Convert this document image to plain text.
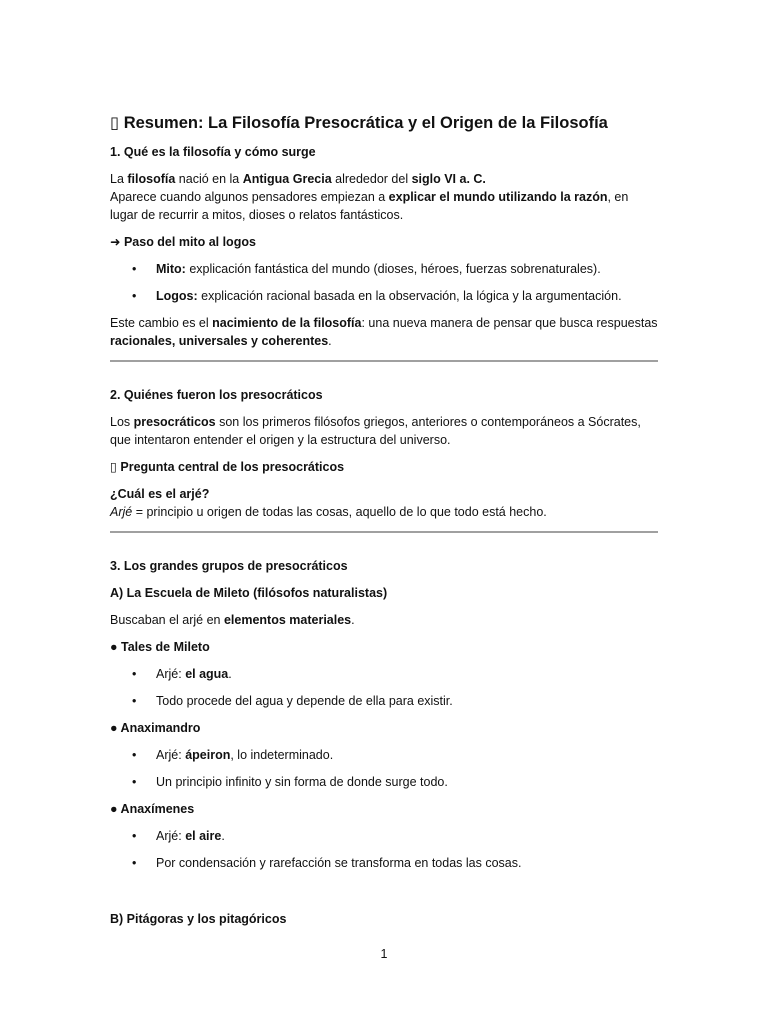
▯ Resumen: La Filosofía Presocrática y el Origen de la Filosofía
1. Qué es la filosofía y cómo surge
La filosofía nació en la Antigua Grecia alrededor del siglo VI a. C.
Aparece cuando algunos pensadores empiezan a explicar el mundo utilizando la razón, en lugar de recurrir a mitos, dioses o relatos fantásticos.
➜ Paso del mito al logos
• Mito: explicación fantástica del mundo (dioses, héroes, fuerzas sobrenaturales).
• Logos: explicación racional basada en la observación, la lógica y la argumentación.
Este cambio es el nacimiento de la filosofía: una nueva manera de pensar que busca respuestas racionales, universales y coherentes.
2. Quiénes fueron los presocráticos
Los presocráticos son los primeros filósofos griegos, anteriores o contemporáneos a Sócrates, que intentaron entender el origen y la estructura del universo.
▯ Pregunta central de los presocráticos
¿Cuál es el arjé?
Arjé = principio u origen de todas las cosas, aquello de lo que todo está hecho.
3. Los grandes grupos de presocráticos
A) La Escuela de Mileto (filósofos naturalistas)
Buscaban el arjé en elementos materiales.
● Tales de Mileto
• Arjé: el agua.
• Todo procede del agua y depende de ella para existir.
● Anaximandro
• Arjé: ápeiron, lo indeterminado.
• Un principio infinito y sin forma de donde surge todo.
● Anaxímenes
• Arjé: el aire.
• Por condensación y rarefacción se transforma en todas las cosas.
B) Pitágoras y los pitagóricos
1
